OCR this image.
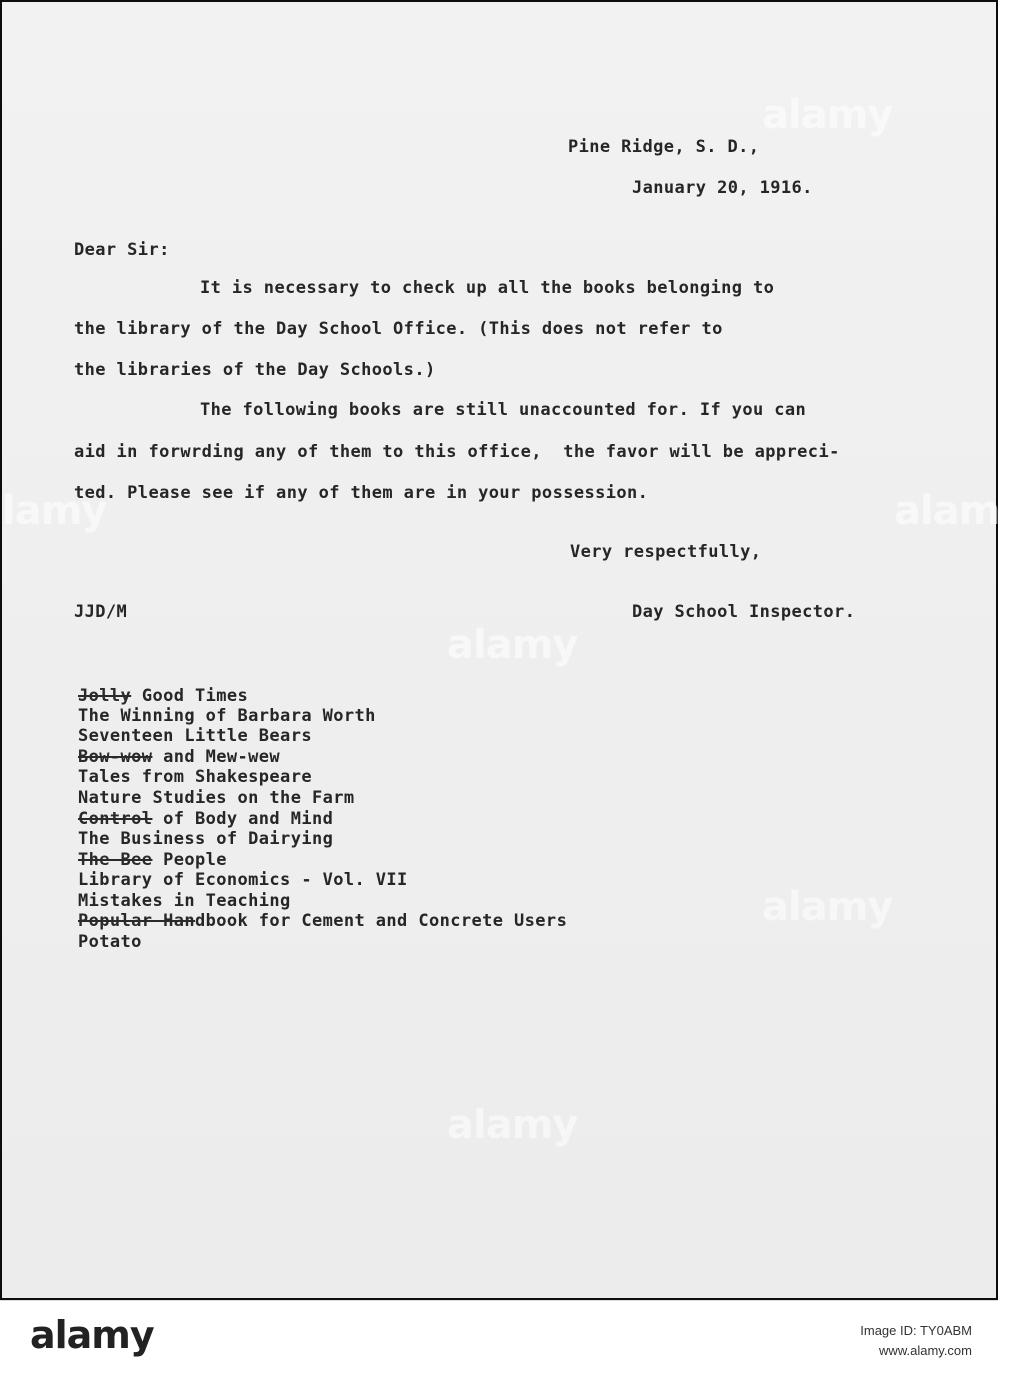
Pine Ridge, S. D.,
January 20, 1916.
Dear Sir:
It is necessary to check up all the books belonging to
the library of the Day School Office. (This does not refer to
the libraries of the Day Schools.)
The following books are still unaccounted for. If you can
aid in forwrding any of them to this office,  the favor will be appreci-
ted. Please see if any of them are in your possession.
Very respectfully,
JJD/M	Day School Inspector.
Jolly Good Times
The Winning of Barbara Worth
Seventeen Little Bears
Bow-wow and Mew-wew
Tales from Shakespeare
Nature Studies on the Farm
Control of Body and Mind
The Business of Dairying
The Bee People
Library of Economics - Vol. VII
Mistakes in Teaching
Popular Handbook for Cement and Concrete Users
Potato
alamy
lamy
alamy
alamy
alamy
alamy
alamy	Image ID: TY0ABM
www.alamy.com
